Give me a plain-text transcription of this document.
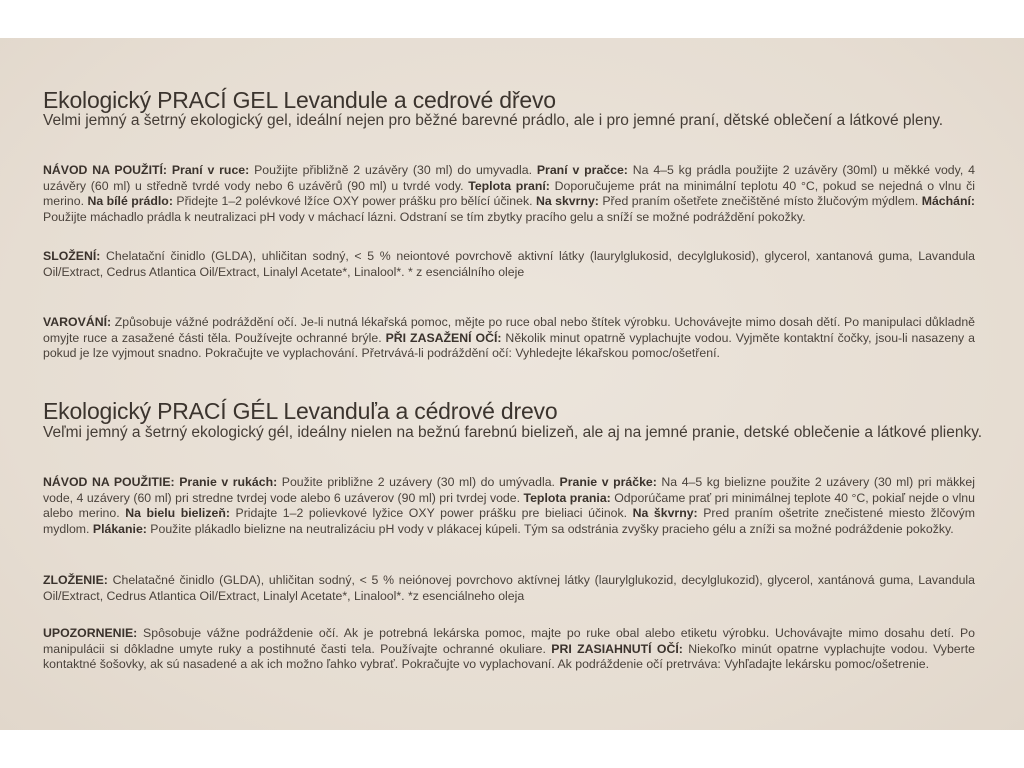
Ekologický PRACÍ GEL Levandule a cedrové dřevo
Velmi jemný a šetrný ekologický gel, ideální nejen pro běžné barevné prádlo, ale i pro jemné praní, dětské oblečení a látkové pleny.
NÁVOD NA POUŽITÍ: Praní v ruce: Použijte přibližně 2 uzávěry (30 ml) do umyvadla. Praní v pračce: Na 4–5 kg prádla použijte 2 uzávěry (30ml) u měkké vody, 4 uzávěry (60 ml) u středně tvrdé vody nebo 6 uzávěrů (90 ml) u tvrdé vody. Teplota praní: Doporučujeme prát na minimální teplotu 40 °C, pokud se nejedná o vlnu či merino. Na bílé prádlo: Přidejte 1–2 polévkové lžíce OXY power prášku pro bělící účinek. Na skvrny: Před praním ošetřete znečištěné místo žlučovým mýdlem. Máchání: Použijte máchadlo prádla k neutralizaci pH vody v máchací lázni. Odstraní se tím zbytky pracího gelu a sníží se možné podráždění pokožky.
SLOŽENÍ: Chelatační činidlo (GLDA), uhličitan sodný, < 5 % neiontové povrchově aktivní látky (laurylglukosid, decylglukosid), glycerol, xantanová guma, Lavandula Oil/Extract, Cedrus Atlantica Oil/Extract, Linalyl Acetate*, Linalool*. * z esenciálního oleje
VAROVÁNÍ: Způsobuje vážné podráždění očí. Je-li nutná lékařská pomoc, mějte po ruce obal nebo štítek výrobku. Uchovávejte mimo dosah dětí. Po manipulaci důkladně omyjte ruce a zasažené části těla. Používejte ochranné brýle. PŘI ZASAŽENÍ OČÍ: Několik minut opatrně vyplachujte vodou. Vyjměte kontaktní čočky, jsou-li nasazeny a pokud je lze vyjmout snadno. Pokračujte ve vyplachování. Přetrvává-li podráždění očí: Vyhledejte lékařskou pomoc/ošetření.
Ekologický PRACÍ GÉL Levanduľa a cédrové drevo
Veľmi jemný a šetrný ekologický gél, ideálny nielen na bežnú farebnú bielizeň, ale aj na jemné pranie, detské oblečenie a látkové plienky.
NÁVOD NA POUŽITIE: Pranie v rukách: Použite približne 2 uzávery (30 ml) do umývadla. Pranie v práčke: Na 4–5 kg bielizne použite 2 uzávery (30 ml) pri mäkkej vode, 4 uzávery (60 ml) pri stredne tvrdej vode alebo 6 uzáverov (90 ml) pri tvrdej vode. Teplota prania: Odporúčame prať pri minimálnej teplote 40 °C, pokiaľ nejde o vlnu alebo merino. Na bielu bielizeň: Pridajte 1–2 polievkové lyžice OXY power prášku pre bieliaci účinok. Na škvrny: Pred praním ošetrite znečistené miesto žlčovým mydlom. Plákanie: Použite plákadlo bielizne na neutralizáciu pH vody v plákacej kúpeli. Tým sa odstránia zvyšky pracieho gélu a zníži sa možné podráždenie pokožky.
ZLOŽENIE: Chelatačné činidlo (GLDA), uhličitan sodný, < 5 % neiónovej povrchovo aktívnej látky (laurylglukozid, decylglukozid), glycerol, xantánová guma, Lavandula Oil/Extract, Cedrus Atlantica Oil/Extract, Linalyl Acetate*, Linalool*. *z esenciálneho oleja
UPOZORNENIE: Spôsobuje vážne podráždenie očí. Ak je potrebná lekárska pomoc, majte po ruke obal alebo etiketu výrobku. Uchovávajte mimo dosahu detí. Po manipulácii si dôkladne umyte ruky a postihnuté časti tela. Používajte ochranné okuliare. PRI ZASIAHNUTÍ OČÍ: Niekoľko minút opatrne vyplachujte vodou. Vyberte kontaktné šošovky, ak sú nasadené a ak ich možno ľahko vybrať. Pokračujte vo vyplachovaní. Ak podráždenie očí pretrváva: Vyhľadajte lekársku pomoc/ošetrenie.
